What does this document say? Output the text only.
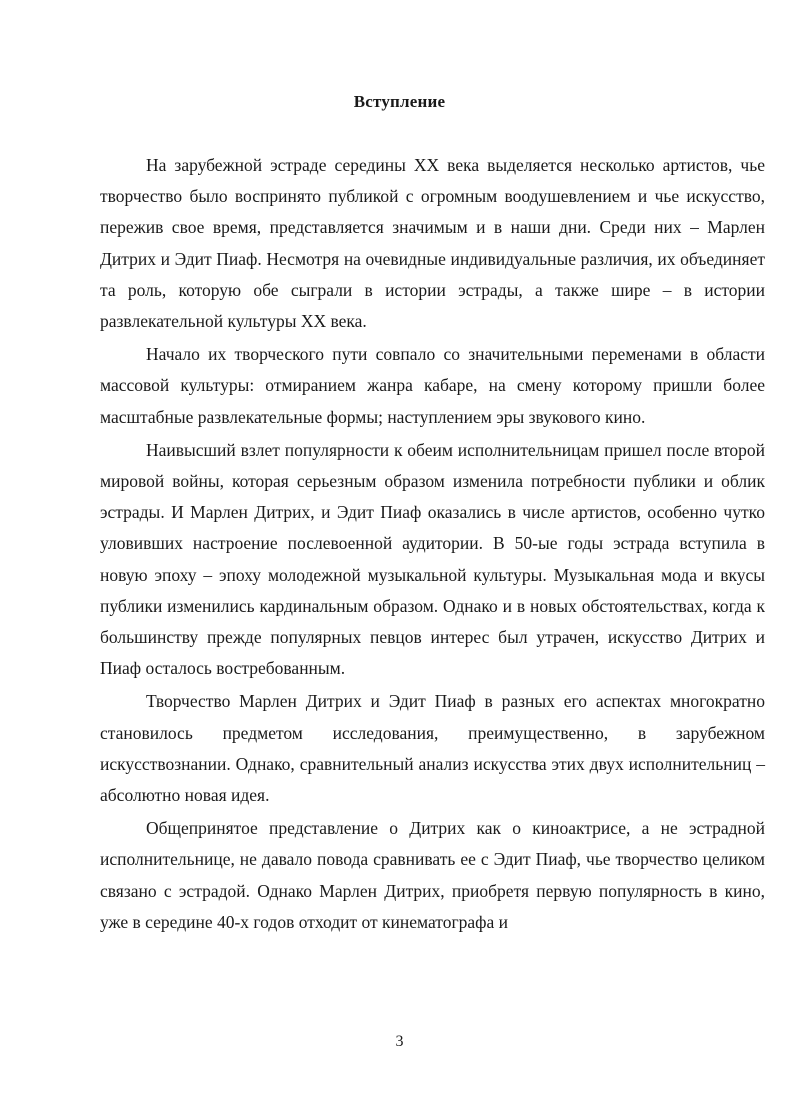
Вступление

На зарубежной эстраде середины XX века выделяется несколько артистов, чье творчество было воспринято публикой с огромным воодушевлением и чье искусство, пережив свое время, представляется значимым и в наши дни. Среди них – Марлен Дитрих и Эдит Пиаф. Несмотря на очевидные индивидуальные различия, их объединяет та роль, которую обе сыграли в истории эстрады, а также шире – в истории развлекательной культуры XX века.

Начало их творческого пути совпало со значительными переменами в области массовой культуры: отмиранием жанра кабаре, на смену которому пришли более масштабные развлекательные формы; наступлением эры звукового кино.

Наивысший взлет популярности к обеим исполнительницам пришел после второй мировой войны, которая серьезным образом изменила потребности публики и облик эстрады. И Марлен Дитрих, и Эдит Пиаф оказались в числе артистов, особенно чутко уловивших настроение послевоенной аудитории. В 50-ые годы эстрада вступила в новую эпоху – эпоху молодежной музыкальной культуры. Музыкальная мода и вкусы публики изменились кардинальным образом. Однако и в новых обстоятельствах, когда к большинству прежде популярных певцов интерес был утрачен, искусство Дитрих и Пиаф осталось востребованным.

Творчество Марлен Дитрих и Эдит Пиаф в разных его аспектах многократно становилось предметом исследования, преимущественно, в зарубежном искусствознании. Однако, сравнительный анализ искусства этих двух исполнительниц – абсолютно новая идея.

Общепринятое представление о Дитрих как о киноактрисе, а не эстрадной исполнительнице, не давало повода сравнивать ее с Эдит Пиаф, чье творчество целиком связано с эстрадой. Однако Марлен Дитрих, приобретя первую популярность в кино, уже в середине 40-х годов отходит от кинематографа и

3
